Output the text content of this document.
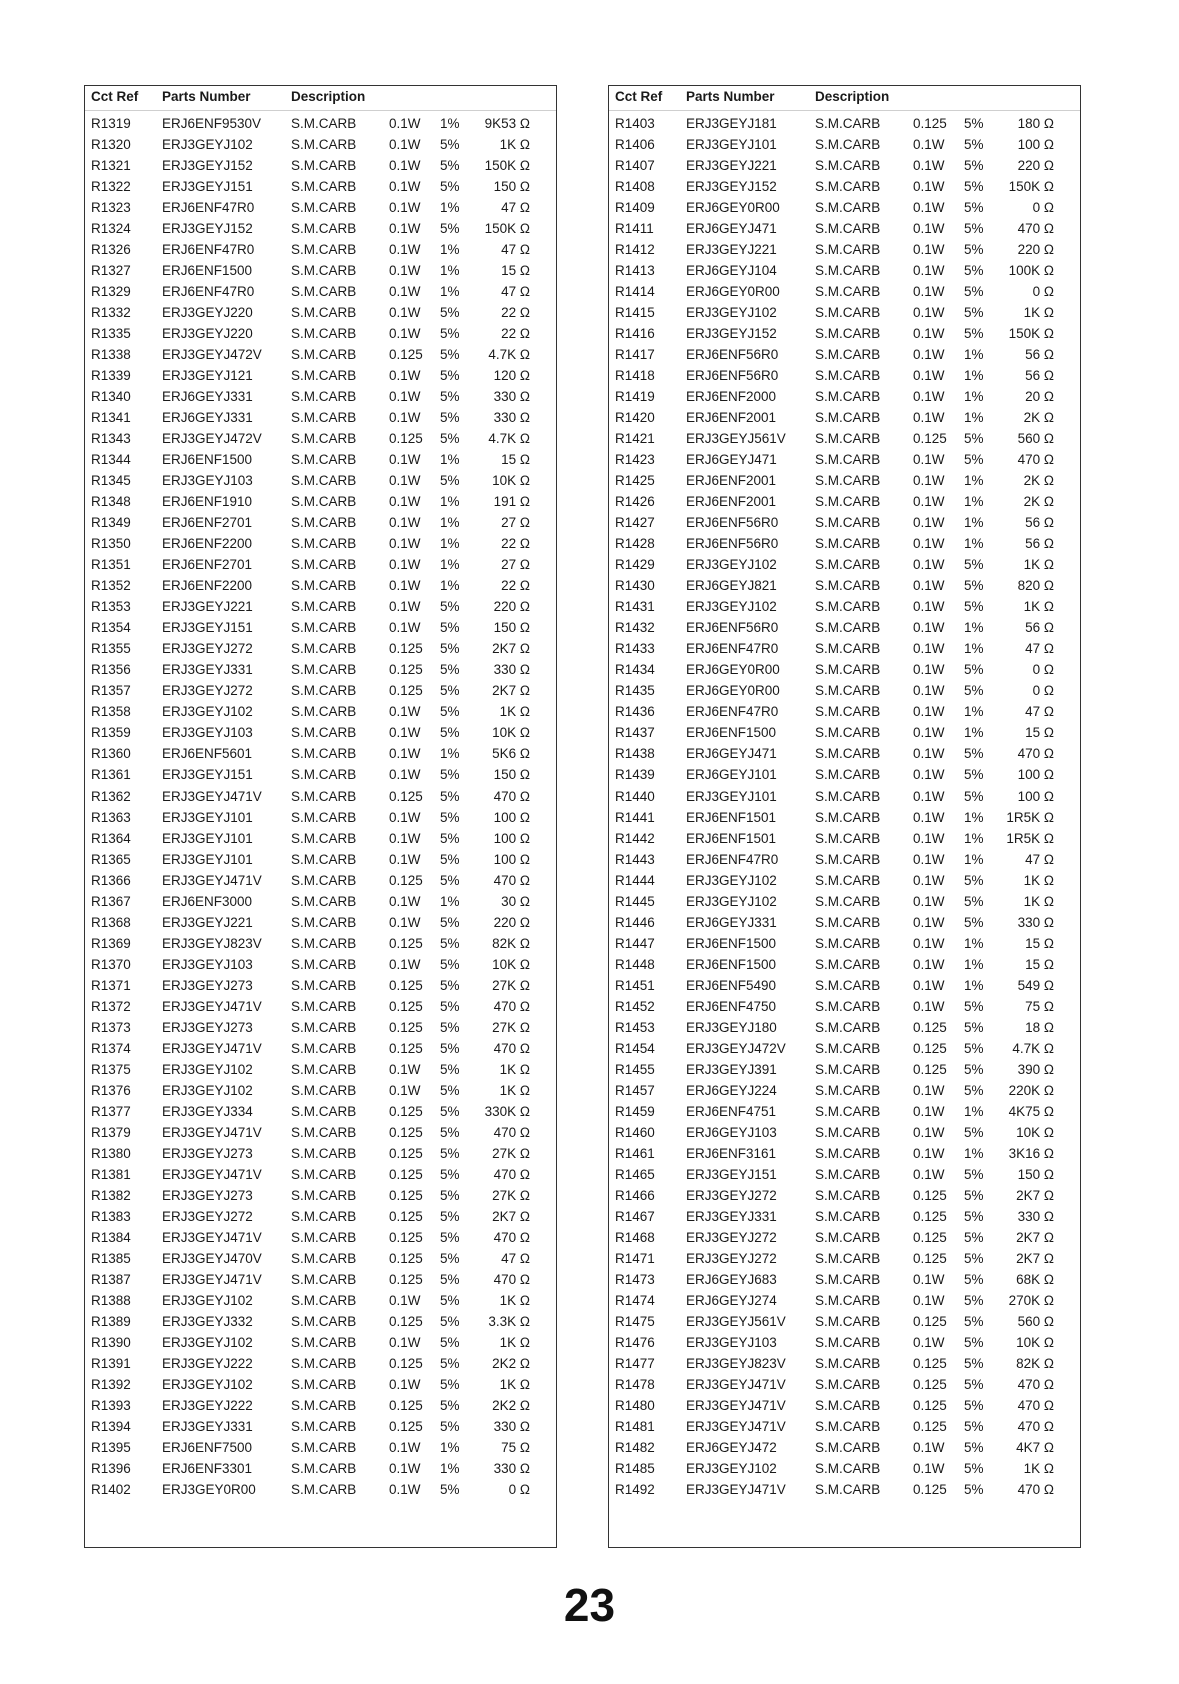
Cct Ref Parts Number	Description
R1319 ERJ6ENF9530V S.M.CARB 0.1W 1% 9K53 Ω
R1320 ERJ3GEYJ102	S.M.CARB 0.1W 5%	1K Ω
R1321 ERJ3GEYJ152	S.M.CARB 0.1W 5% 150K Ω
R1322 ERJ3GEYJ151	S.M.CARB 0.1W 5%	150 Ω
R1323 ERJ6ENF47R0	S.M.CARB 0.1W 1%	47 Ω
R1324 ERJ3GEYJ152	S.M.CARB 0.1W 5% 150K Ω
R1326 ERJ6ENF47R0	S.M.CARB 0.1W 1%	47 Ω
R1327 ERJ6ENF1500	S.M.CARB 0.1W 1%	15 Ω
R1329 ERJ6ENF47R0	S.M.CARB 0.1W 1%	47 Ω
R1332 ERJ3GEYJ220	S.M.CARB 0.1W 5%	22 Ω
R1335 ERJ3GEYJ220	S.M.CARB 0.1W 5%	22 Ω
R1338 ERJ3GEYJ472V S.M.CARB 0.125 5% 4.7K Ω
R1339 ERJ3GEYJ121	S.M.CARB 0.1W 5%	120 Ω
R1340 ERJ6GEYJ331	S.M.CARB 0.1W 5%	330 Ω
R1341 ERJ6GEYJ331	S.M.CARB 0.1W 5%	330 Ω
R1343 ERJ3GEYJ472V S.M.CARB 0.125 5% 4.7K Ω
R1344 ERJ6ENF1500	S.M.CARB 0.1W 1%	15 Ω
R1345 ERJ3GEYJ103	S.M.CARB 0.1W 5% 10K Ω
R1348 ERJ6ENF1910	S.M.CARB 0.1W 1%	191 Ω
R1349 ERJ6ENF2701	S.M.CARB 0.1W 1%	27 Ω
R1350 ERJ6ENF2200	S.M.CARB 0.1W 1%	22 Ω
R1351 ERJ6ENF2701	S.M.CARB 0.1W 1%	27 Ω
R1352 ERJ6ENF2200	S.M.CARB 0.1W 1%	22 Ω
R1353 ERJ3GEYJ221	S.M.CARB 0.1W 5%	220 Ω
R1354 ERJ3GEYJ151	S.M.CARB 0.1W 5%	150 Ω
R1355 ERJ3GEYJ272	S.M.CARB 0.125 5% 2K7 Ω
R1356 ERJ3GEYJ331	S.M.CARB 0.125 5%	330 Ω
R1357 ERJ3GEYJ272	S.M.CARB 0.125 5% 2K7 Ω
R1358 ERJ3GEYJ102	S.M.CARB 0.1W 5%	1K Ω
R1359 ERJ3GEYJ103	S.M.CARB 0.1W 5% 10K Ω
R1360 ERJ6ENF5601	S.M.CARB 0.1W 1% 5K6 Ω
R1361 ERJ3GEYJ151	S.M.CARB 0.1W 5%	150 Ω
R1362 ERJ3GEYJ471V S.M.CARB 0.125 5%	470 Ω
R1363 ERJ3GEYJ101	S.M.CARB 0.1W 5%	100 Ω
R1364 ERJ3GEYJ101	S.M.CARB 0.1W 5%	100 Ω
R1365 ERJ3GEYJ101	S.M.CARB 0.1W 5%	100 Ω
R1366 ERJ3GEYJ471V S.M.CARB 0.125 5%	470 Ω
R1367 ERJ6ENF3000	S.M.CARB 0.1W 1%	30 Ω
R1368 ERJ3GEYJ221	S.M.CARB 0.1W 5%	220 Ω
R1369 ERJ3GEYJ823V S.M.CARB 0.125 5% 82K Ω
R1370 ERJ3GEYJ103	S.M.CARB 0.1W 5% 10K Ω
R1371 ERJ3GEYJ273	S.M.CARB 0.125 5% 27K Ω
R1372 ERJ3GEYJ471V S.M.CARB 0.125 5%	470 Ω
R1373 ERJ3GEYJ273	S.M.CARB 0.125 5% 27K Ω
R1374 ERJ3GEYJ471V S.M.CARB 0.125 5%	470 Ω
R1375 ERJ3GEYJ102	S.M.CARB 0.1W 5%	1K Ω
R1376 ERJ3GEYJ102	S.M.CARB 0.1W 5%	1K Ω
R1377 ERJ3GEYJ334	S.M.CARB 0.125 5% 330K Ω
R1379 ERJ3GEYJ471V S.M.CARB 0.125 5%	470 Ω
R1380 ERJ3GEYJ273	S.M.CARB 0.125 5% 27K Ω
R1381 ERJ3GEYJ471V S.M.CARB 0.125 5%	470 Ω
R1382 ERJ3GEYJ273	S.M.CARB 0.125 5% 27K Ω
R1383 ERJ3GEYJ272	S.M.CARB 0.125 5% 2K7 Ω
R1384 ERJ3GEYJ471V S.M.CARB 0.125 5%	470 Ω
R1385 ERJ3GEYJ470V S.M.CARB 0.125 5%	47 Ω
R1387 ERJ3GEYJ471V S.M.CARB 0.125 5%	470 Ω
R1388 ERJ3GEYJ102	S.M.CARB 0.1W 5%	1K Ω
R1389 ERJ3GEYJ332	S.M.CARB 0.125 5% 3.3K Ω
R1390 ERJ3GEYJ102	S.M.CARB 0.1W 5%	1K Ω
R1391 ERJ3GEYJ222	S.M.CARB 0.125 5% 2K2 Ω
R1392 ERJ3GEYJ102	S.M.CARB 0.1W 5%	1K Ω
R1393 ERJ3GEYJ222	S.M.CARB 0.125 5% 2K2 Ω
R1394 ERJ3GEYJ331	S.M.CARB 0.125 5%	330 Ω
R1395 ERJ6ENF7500	S.M.CARB 0.1W 1%	75 Ω
R1396 ERJ6ENF3301	S.M.CARB 0.1W 1%	330 Ω
R1402 ERJ3GEY0R00	S.M.CARB 0.1W 5%	0 Ω
Cct Ref Parts Number	Description
R1403 ERJ3GEYJ181	S.M.CARB 0.125 5%	180 Ω
R1406 ERJ3GEYJ101	S.M.CARB 0.1W 5%	100 Ω
R1407 ERJ3GEYJ221	S.M.CARB 0.1W 5%	220 Ω
R1408 ERJ3GEYJ152	S.M.CARB 0.1W 5% 150K Ω
R1409 ERJ6GEY0R00	S.M.CARB 0.1W 5%	0 Ω
R1411 ERJ6GEYJ471	S.M.CARB 0.1W 5%	470 Ω
R1412 ERJ3GEYJ221	S.M.CARB 0.1W 5%	220 Ω
R1413 ERJ6GEYJ104	S.M.CARB 0.1W 5% 100K Ω
R1414 ERJ6GEY0R00	S.M.CARB 0.1W 5%	0 Ω
R1415 ERJ3GEYJ102	S.M.CARB 0.1W 5%	1K Ω
R1416 ERJ3GEYJ152	S.M.CARB 0.1W 5% 150K Ω
R1417 ERJ6ENF56R0	S.M.CARB 0.1W 1%	56 Ω
R1418 ERJ6ENF56R0	S.M.CARB 0.1W 1%	56 Ω
R1419 ERJ6ENF2000	S.M.CARB 0.1W 1%	20 Ω
R1420 ERJ6ENF2001	S.M.CARB 0.1W 1%	2K Ω
R1421 ERJ3GEYJ561V S.M.CARB 0.125 5%	560 Ω
R1423 ERJ6GEYJ471	S.M.CARB 0.1W 5%	470 Ω
R1425 ERJ6ENF2001	S.M.CARB 0.1W 1%	2K Ω
R1426 ERJ6ENF2001	S.M.CARB 0.1W 1%	2K Ω
R1427 ERJ6ENF56R0	S.M.CARB 0.1W 1%	56 Ω
R1428 ERJ6ENF56R0	S.M.CARB 0.1W 1%	56 Ω
R1429 ERJ3GEYJ102	S.M.CARB 0.1W 5%	1K Ω
R1430 ERJ6GEYJ821	S.M.CARB 0.1W 5%	820 Ω
R1431 ERJ3GEYJ102	S.M.CARB 0.1W 5%	1K Ω
R1432 ERJ6ENF56R0	S.M.CARB 0.1W 1%	56 Ω
R1433 ERJ6ENF47R0	S.M.CARB 0.1W 1%	47 Ω
R1434 ERJ6GEY0R00	S.M.CARB 0.1W 5%	0 Ω
R1435 ERJ6GEY0R00	S.M.CARB 0.1W 5%	0 Ω
R1436 ERJ6ENF47R0	S.M.CARB 0.1W 1%	47 Ω
R1437 ERJ6ENF1500	S.M.CARB 0.1W 1%	15 Ω
R1438 ERJ6GEYJ471	S.M.CARB 0.1W 5%	470 Ω
R1439 ERJ6GEYJ101	S.M.CARB 0.1W 5%	100 Ω
R1440 ERJ3GEYJ101	S.M.CARB 0.1W 5%	100 Ω
R1441 ERJ6ENF1501	S.M.CARB 0.1W 1% 1R5K Ω
R1442 ERJ6ENF1501	S.M.CARB 0.1W 1% 1R5K Ω
R1443 ERJ6ENF47R0	S.M.CARB 0.1W 1%	47 Ω
R1444 ERJ3GEYJ102	S.M.CARB 0.1W 5%	1K Ω
R1445 ERJ3GEYJ102	S.M.CARB 0.1W 5%	1K Ω
R1446 ERJ6GEYJ331	S.M.CARB 0.1W 5%	330 Ω
R1447 ERJ6ENF1500	S.M.CARB 0.1W 1%	15 Ω
R1448 ERJ6ENF1500	S.M.CARB 0.1W 1%	15 Ω
R1451 ERJ6ENF5490	S.M.CARB 0.1W 1%	549 Ω
R1452 ERJ6ENF4750	S.M.CARB 0.1W 5%	75 Ω
R1453 ERJ3GEYJ180	S.M.CARB 0.125 5%	18 Ω
R1454 ERJ3GEYJ472V S.M.CARB 0.125 5% 4.7K Ω
R1455 ERJ3GEYJ391	S.M.CARB 0.125 5%	390 Ω
R1457 ERJ6GEYJ224	S.M.CARB 0.1W 5% 220K Ω
R1459 ERJ6ENF4751	S.M.CARB 0.1W 1% 4K75 Ω
R1460 ERJ6GEYJ103	S.M.CARB 0.1W 5% 10K Ω
R1461 ERJ6ENF3161	S.M.CARB 0.1W 1% 3K16 Ω
R1465 ERJ3GEYJ151	S.M.CARB 0.1W 5%	150 Ω
R1466 ERJ3GEYJ272	S.M.CARB 0.125 5% 2K7 Ω
R1467 ERJ3GEYJ331	S.M.CARB 0.125 5%	330 Ω
R1468 ERJ3GEYJ272	S.M.CARB 0.125 5% 2K7 Ω
R1471 ERJ3GEYJ272	S.M.CARB 0.125 5% 2K7 Ω
R1473 ERJ6GEYJ683	S.M.CARB 0.1W 5% 68K Ω
R1474 ERJ6GEYJ274	S.M.CARB 0.1W 5% 270K Ω
R1475 ERJ3GEYJ561V S.M.CARB 0.125 5%	560 Ω
R1476 ERJ3GEYJ103	S.M.CARB 0.1W 5% 10K Ω
R1477 ERJ3GEYJ823V S.M.CARB 0.125 5% 82K Ω
R1478 ERJ3GEYJ471V S.M.CARB 0.125 5%	470 Ω
R1480 ERJ3GEYJ471V S.M.CARB 0.125 5%	470 Ω
R1481 ERJ3GEYJ471V S.M.CARB 0.125 5%	470 Ω
R1482 ERJ6GEYJ472	S.M.CARB 0.1W 5% 4K7 Ω
R1485 ERJ3GEYJ102	S.M.CARB 0.1W 5%	1K Ω
R1492 ERJ3GEYJ471V S.M.CARB 0.125 5%	470 Ω
23
